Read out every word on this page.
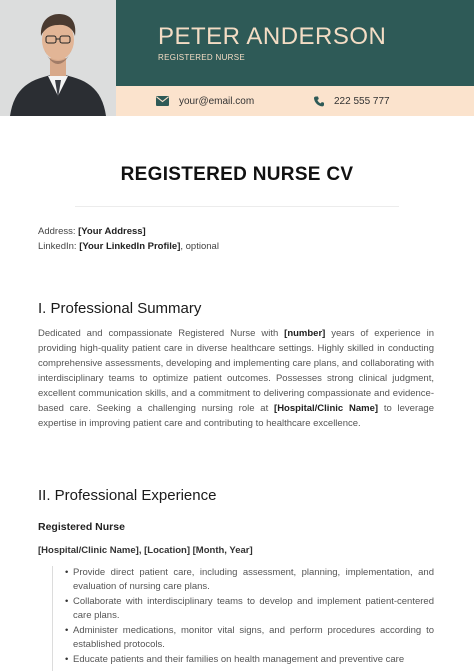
PETER ANDERSON
REGISTERED NURSE
your@email.com	222 555 777
REGISTERED NURSE CV
Address: [Your Address]
LinkedIn: [Your LinkedIn Profile], optional
I. Professional Summary
Dedicated and compassionate Registered Nurse with [number] years of experience in providing high-quality patient care in diverse healthcare settings. Highly skilled in conducting comprehensive assessments, developing and implementing care plans, and collaborating with interdisciplinary teams to optimize patient outcomes. Possesses strong clinical judgment, excellent communication skills, and a commitment to delivering compassionate and evidence-based care. Seeking a challenging nursing role at [Hospital/Clinic Name] to leverage expertise in improving patient care and contributing to healthcare excellence.
II. Professional Experience
Registered Nurse
[Hospital/Clinic Name], [Location] [Month, Year]
• Provide direct patient care, including assessment, planning, implementation, and evaluation of nursing care plans.
• Collaborate with interdisciplinary teams to develop and implement patient-centered care plans.
• Administer medications, monitor vital signs, and perform procedures according to established protocols.
• Educate patients and their families on health management and preventive care
